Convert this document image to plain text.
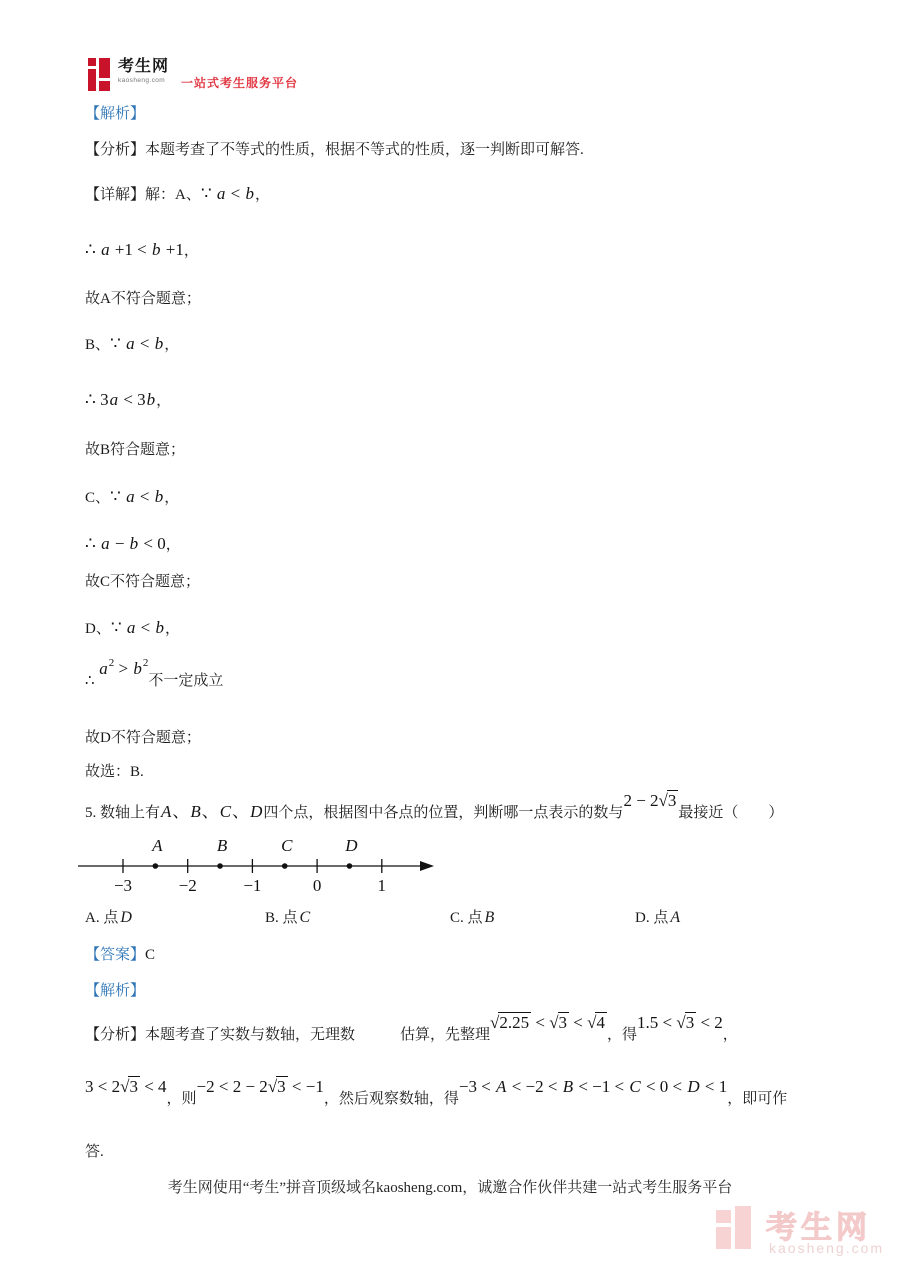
考生网
kaosheng.com	一站式考生服务平台
【解析】
【分析】本题考查了不等式的性质，根据不等式的性质，逐一判断即可解答.
【详解】解：A、∵ a < b，
∴ a +1 < b +1，
故A不符合题意；
B、∵ a < b，
∴ 3a < 3b，
故B符合题意；
C、∵ a < b，
∴ a − b < 0，
故C不符合题意；
D、∵ a < b，
∴ $a^2 > b^2$不一定成立
故D不符合题意；
故选：B.
5. 数轴上有A、B、C、D四个点，根据图中各点的位置，判断哪一点表示的数与2 − 2√3最接近（　　）
−3	−2	−1	0	1
A	B	C	D
A. 点 D	B. 点 C	C. 点 B	D. 点 A
【答案】C
【解析】
【分析】本题考查了实数与数轴，无理数　　　估算，先整理√2.25 < √3 < √4，得1.5 < √3 < 2，
3 < 2√3 < 4，则−2 < 2 − 2√3 < −1，然后观察数轴，得−3 < A < −2 < B < −1 < C < 0 < D < 1，即可作
答.
考生网使用“考生”拼音顶级域名kaosheng.com，诚邀合作伙伴共建一站式考生服务平台
考生网
kaosheng.com
